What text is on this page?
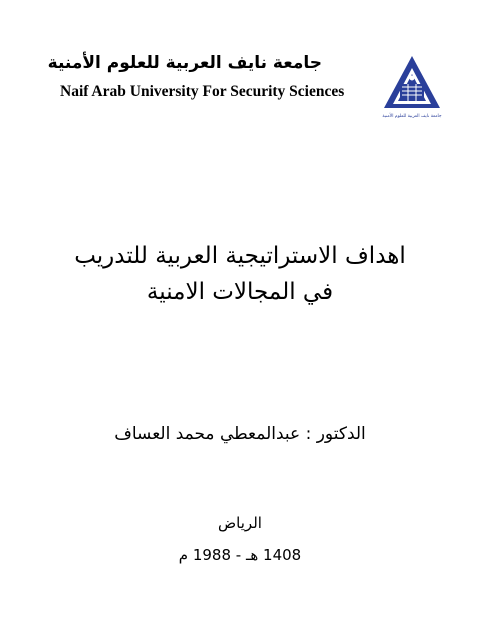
جامعة نايف العربية للعلوم الأمنية
Naif Arab University For Security Sciences
جامعة نايف العربية للعلوم الأمنية
اهداف الاستراتيجية العربية للتدريب
في المجالات الامنية
الدكتور : عبدالمعطي محمد العساف
الرياض
1408 هـ - 1988 م
